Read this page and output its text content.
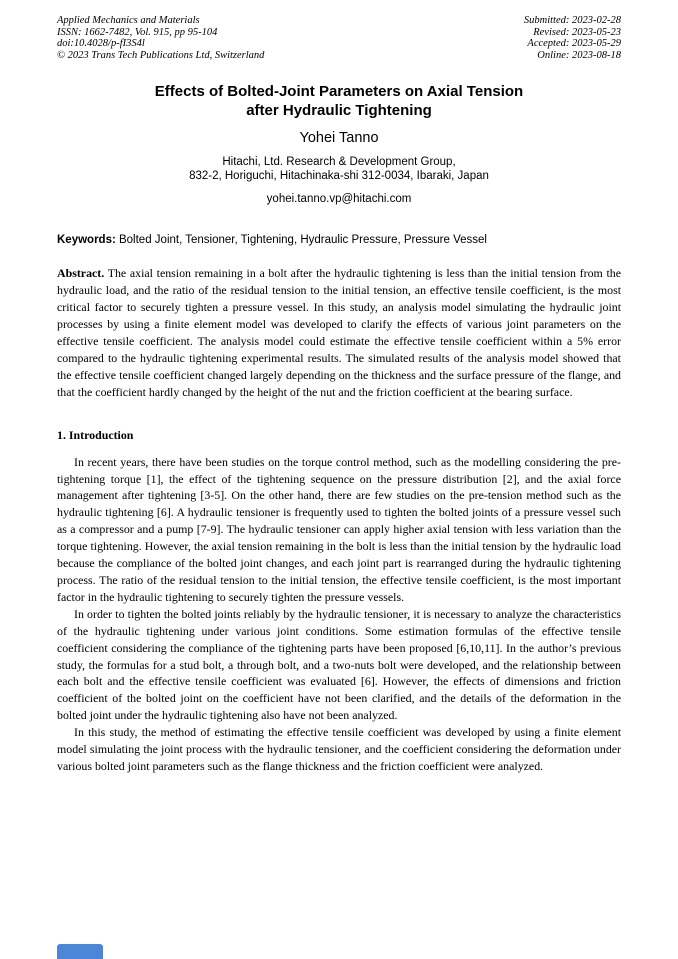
Applied Mechanics and Materials
ISSN: 1662-7482, Vol. 915, pp 95-104
doi:10.4028/p-fI3S4l
© 2023 Trans Tech Publications Ltd, Switzerland
Submitted: 2023-02-28
Revised: 2023-05-23
Accepted: 2023-05-29
Online: 2023-08-18
Effects of Bolted-Joint Parameters on Axial Tension
after Hydraulic Tightening
Yohei Tanno
Hitachi, Ltd. Research & Development Group,
832-2, Horiguchi, Hitachinaka-shi 312-0034, Ibaraki, Japan
yohei.tanno.vp@hitachi.com
Keywords: Bolted Joint, Tensioner, Tightening, Hydraulic Pressure, Pressure Vessel

Abstract. The axial tension remaining in a bolt after the hydraulic tightening is less than the initial tension from the hydraulic load, and the ratio of the residual tension to the initial tension, an effective tensile coefficient, is the most critical factor to securely tighten a pressure vessel. In this study, an analysis model simulating the hydraulic joint processes by using a finite element model was developed to clarify the effects of various joint parameters on the effective tensile coefficient. The analysis model could estimate the effective tensile coefficient within a 5% error compared to the hydraulic tightening experimental results. The simulated results of the analysis model showed that the effective tensile coefficient changed largely depending on the thickness and the surface pressure of the flange, and that the coefficient hardly changed by the height of the nut and the friction coefficient at the bearing surface.

1. Introduction

In recent years, there have been studies on the torque control method, such as the modelling considering the pre-tightening torque [1], the effect of the tightening sequence on the pressure distribution [2], and the axial force management after tightening [3-5]. On the other hand, there are few studies on the pre-tension method such as the hydraulic tightening [6]. A hydraulic tensioner is frequently used to tighten the bolted joints of a pressure vessel such as a compressor and a pump [7-9]. The hydraulic tensioner can apply higher axial tension with less variation than the torque tightening. However, the axial tension remaining in the bolt is less than the initial tension by the hydraulic load because the compliance of the bolted joint changes, and each joint part is rearranged during the hydraulic tightening process. The ratio of the residual tension to the initial tension, the effective tensile coefficient, is the most important factor in the hydraulic tightening to securely tighten the pressure vessels.

In order to tighten the bolted joints reliably by the hydraulic tensioner, it is necessary to analyze the characteristics of the hydraulic tightening under various joint conditions. Some estimation formulas of the effective tensile coefficient considering the compliance of the tightening parts have been proposed [6,10,11]. In the author’s previous study, the formulas for a stud bolt, a through bolt, and a two-nuts bolt were developed, and the relationship between each bolt and the effective tensile coefficient was evaluated [6]. However, the effects of dimensions and friction coefficient of the bolted joint on the coefficient have not been clarified, and the details of the deformation in the bolted joint under the hydraulic tightening also have not been analyzed.

In this study, the method of estimating the effective tensile coefficient was developed by using a finite element model simulating the joint process with the hydraulic tensioner, and the coefficient considering the deformation under various bolted joint parameters such as the flange thickness and the friction coefficient were analyzed.
